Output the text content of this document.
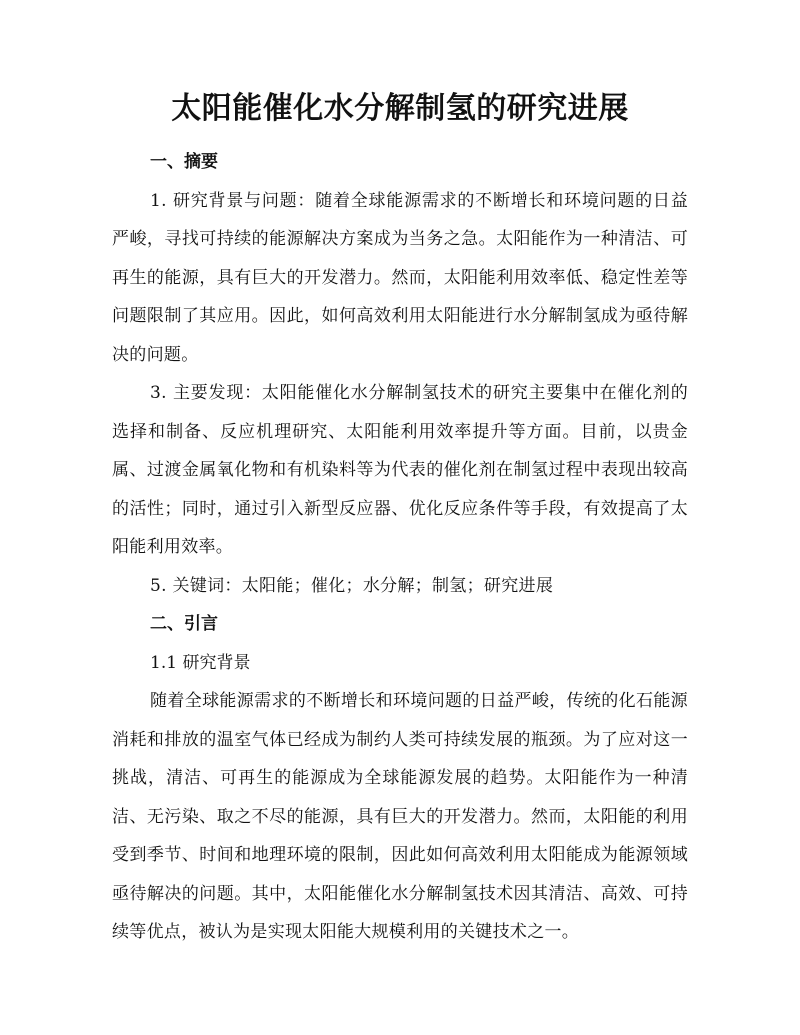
太阳能催化水分解制氢的研究进展

一、摘要

1. 研究背景与问题：随着全球能源需求的不断增长和环境问题的日益严峻，寻找可持续的能源解决方案成为当务之急。太阳能作为一种清洁、可再生的能源，具有巨大的开发潜力。然而，太阳能利用效率低、稳定性差等问题限制了其应用。因此，如何高效利用太阳能进行水分解制氢成为亟待解决的问题。

3. 主要发现：太阳能催化水分解制氢技术的研究主要集中在催化剂的选择和制备、反应机理研究、太阳能利用效率提升等方面。目前，以贵金属、过渡金属氧化物和有机染料等为代表的催化剂在制氢过程中表现出较高的活性；同时，通过引入新型反应器、优化反应条件等手段，有效提高了太阳能利用效率。

5. 关键词：太阳能；催化；水分解；制氢；研究进展

二、引言

1.1 研究背景

随着全球能源需求的不断增长和环境问题的日益严峻，传统的化石能源消耗和排放的温室气体已经成为制约人类可持续发展的瓶颈。为了应对这一挑战，清洁、可再生的能源成为全球能源发展的趋势。太阳能作为一种清洁、无污染、取之不尽的能源，具有巨大的开发潜力。然而，太阳能的利用受到季节、时间和地理环境的限制，因此如何高效利用太阳能成为能源领域亟待解决的问题。其中，太阳能催化水分解制氢技术因其清洁、高效、可持续等优点，被认为是实现太阳能大规模利用的关键技术之一。
